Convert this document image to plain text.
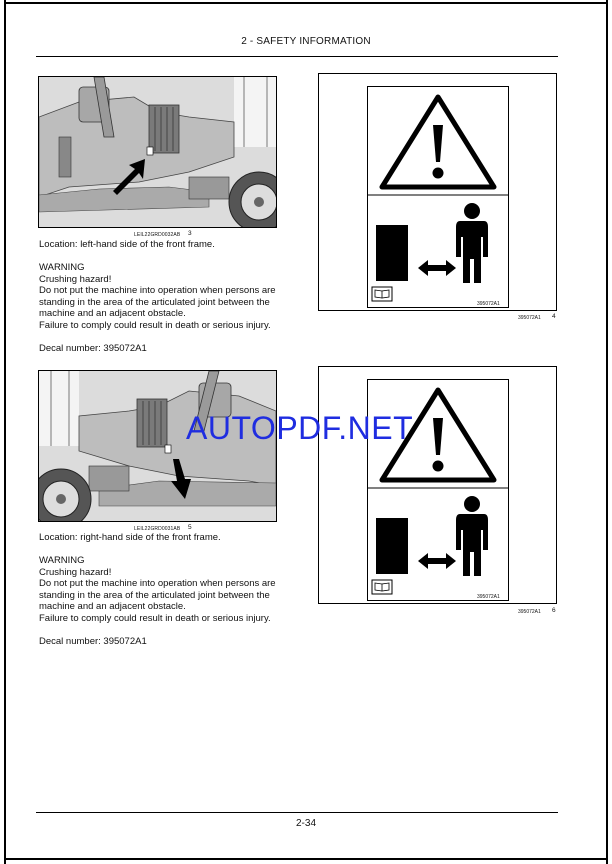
2 - SAFETY INFORMATION
LEIL22GRD0032AB 3

Location: left-hand side of the front frame.

WARNING

Crushing hazard!

Do not put the machine into operation when persons are standing in the area of the articulated joint between the machine and an adjacent obstacle.

Failure to comply could result in death or serious injury.

Decal number: 395072A1

395072A1
395072A1 4
LEIL22GRD0031AB 5

Location: right-hand side of the front frame.

WARNING

Crushing hazard!

Do not put the machine into operation when persons are standing in the area of the articulated joint between the machine and an adjacent obstacle.

Failure to comply could result in death or serious injury.

Decal number: 395072A1

395072A1
395072A1 6
AUTOPDF.NET
2-34
